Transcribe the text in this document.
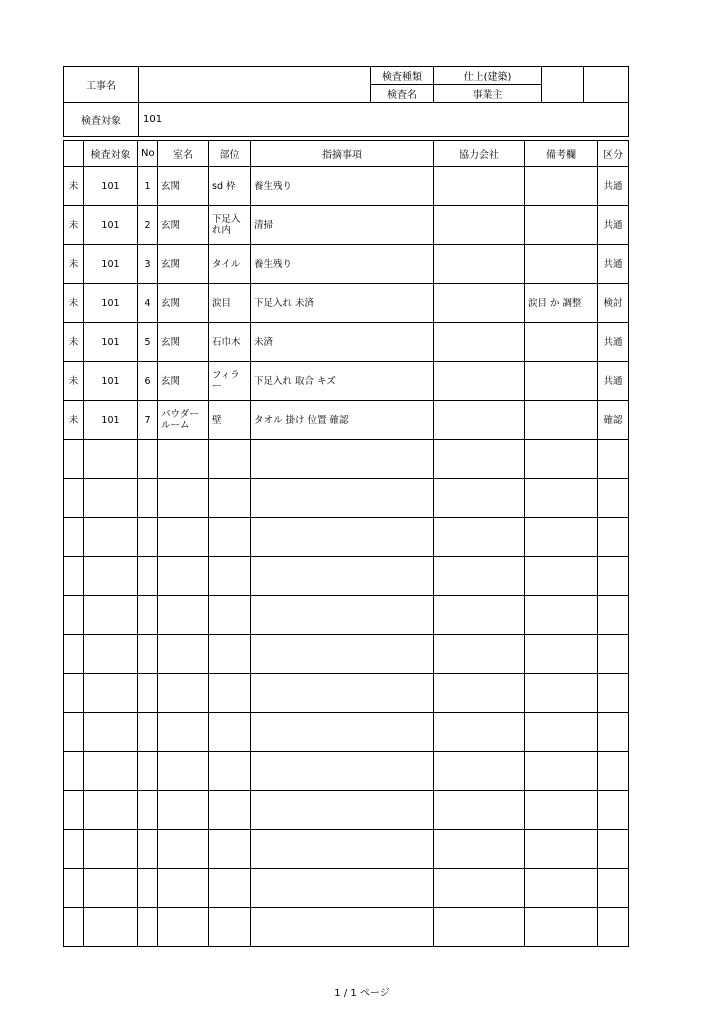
工事名		検査種類	仕上(建築)		
		検査名	事業主		
検査対象	101				
	検査対象	No	室名	部位	指摘事項	協力会社	備考欄	区分
未	101	1	玄関	sd 枠	養生残り			共通
未	101	2	玄関	下足入れ内	清掃			共通
未	101	3	玄関	タイル	養生残り			共通
未	101	4	玄関	涙目	下足入れ 未済		涙目 か 調整	検討
未	101	5	玄関	石巾木	未済			共通
未	101	6	玄関	フィラー	下足入れ 取合 キズ			共通
未	101	7	パウダールーム	壁	タオル 掛け 位置 確認			確認

1 / 1 ページ
